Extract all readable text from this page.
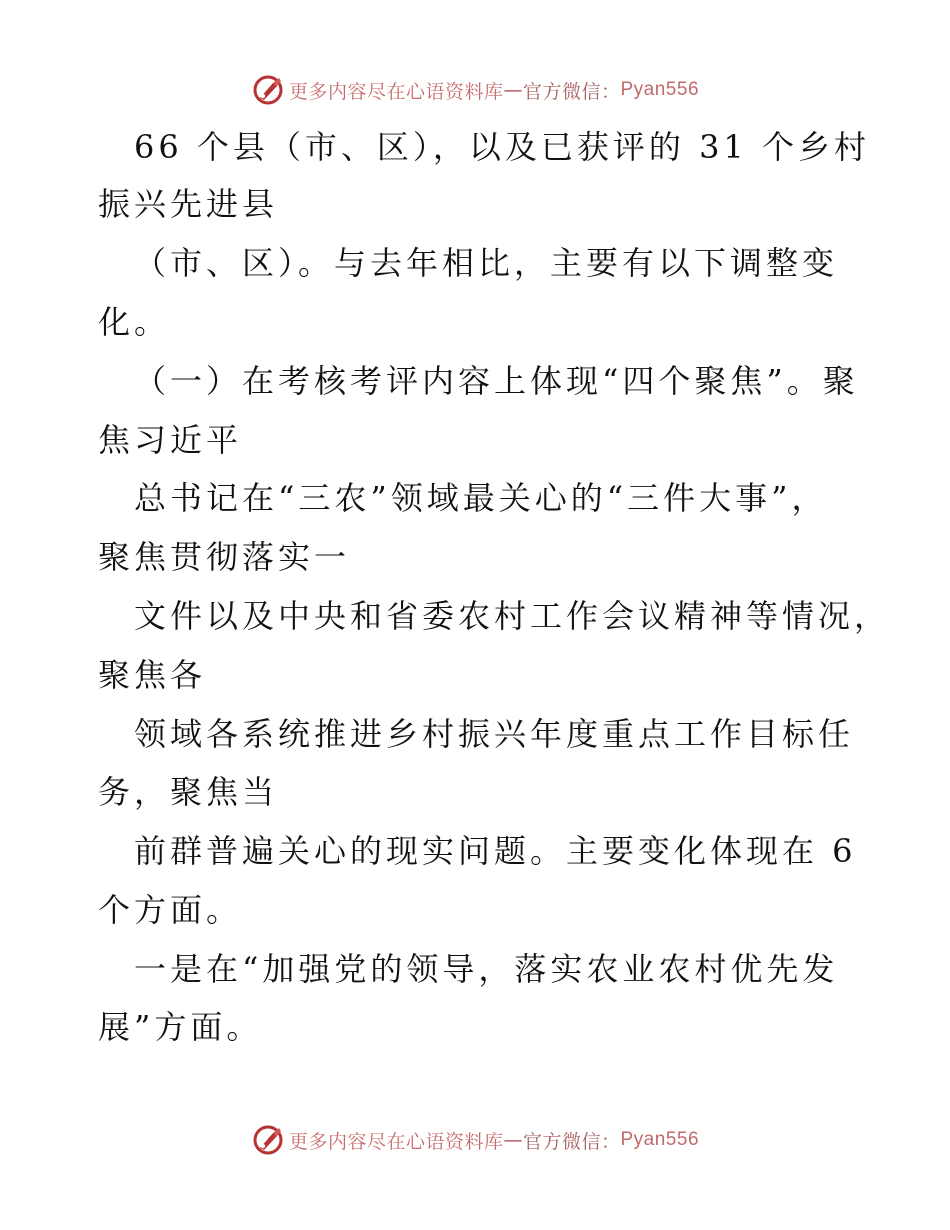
更多内容尽在心语资料库 — 官方微信： Pyan556
66 个县（市、区），以及已获评的 31 个乡村
振兴先进县
（市、区）。与去年相比，主要有以下调整变
化。
（一）在考核考评内容上体现“四个聚焦”。聚
焦习近平
总书记在“三农”领域最关心的“三件大事”，
聚焦贯彻落实一
文件以及中央和省委农村工作会议精神等情况，
聚焦各
领域各系统推进乡村振兴年度重点工作目标任
务，聚焦当
前群普遍关心的现实问题。主要变化体现在 6
个方面。
一是在“加强党的领导，落实农业农村优先发
展”方面。
更多内容尽在心语资料库 — 官方微信： Pyan556
